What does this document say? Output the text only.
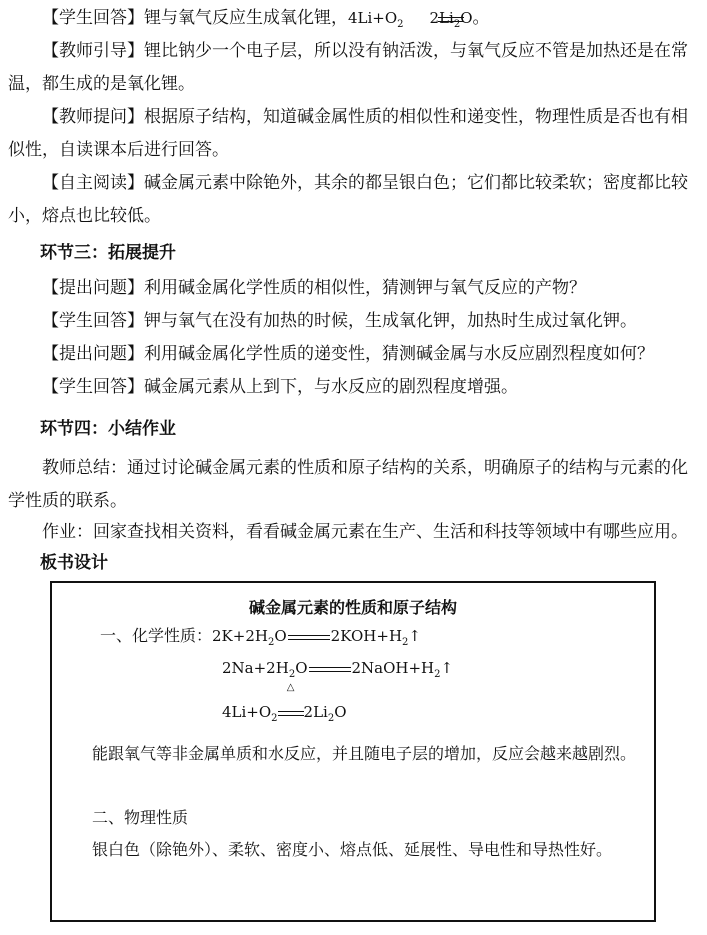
【学生回答】锂与氧气反应生成氧化锂，$4Li+O_2$ $2Li_2O$。

【教师引导】锂比钠少一个电子层，所以没有钠活泼，与氧气反应不管是加热还是在常温，都生成的是氧化锂。

【教师提问】根据原子结构，知道碱金属性质的相似性和递变性，物理性质是否也有相似性，自读课本后进行回答。

【自主阅读】碱金属元素中除铯外，其余的都呈银白色；它们都比较柔软；密度都比较小，熔点也比较低。

环节三：拓展提升

【提出问题】利用碱金属化学性质的相似性，猜测钾与氧气反应的产物？

【学生回答】钾与氧气在没有加热的时候，生成氧化钾，加热时生成过氧化钾。

【提出问题】利用碱金属化学性质的递变性，猜测碱金属与水反应剧烈程度如何？

【学生回答】碱金属元素从上到下，与水反应的剧烈程度增强。

环节四：小结作业

教师总结：通过讨论碱金属元素的性质和原子结构的关系，明确原子的结构与元素的化学性质的联系。

作业：回家查找相关资料，看看碱金属元素在生产、生活和科技等领域中有哪些应用。

板书设计

碱金属元素的性质和原子结构
一、化学性质：$2K+2H_2O$	$2KOH+H_2↑$
$2Na+2H_2O$	$2NaOH+H_2↑$
$4Li+O_2$
△
$2Li_2O$
能跟氧气等非金属单质和水反应，并且随电子层的增加，反应会越来越剧烈。
二、物理性质
银白色（除铯外）、柔软、密度小、熔点低、延展性、导电性和导热性好。
